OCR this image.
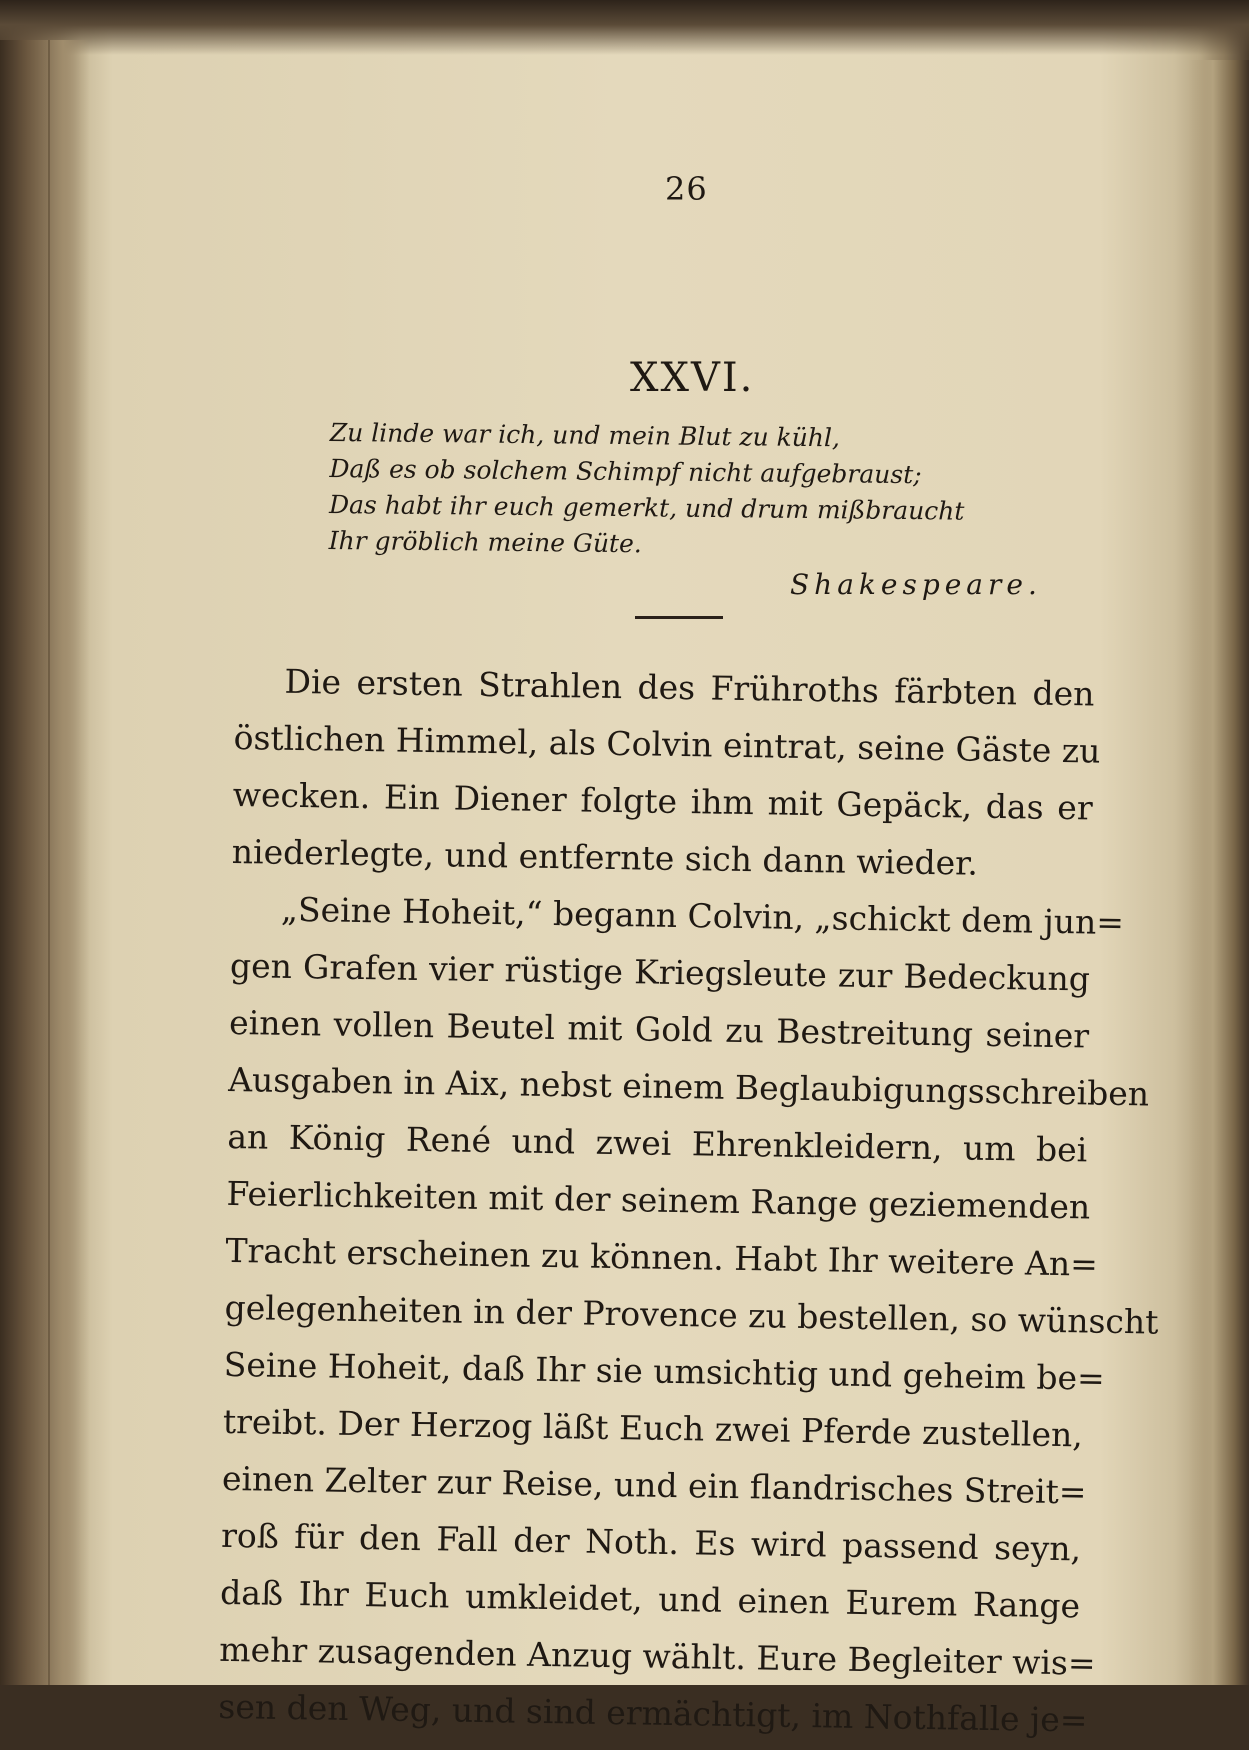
26
XXVI.
Zu linde war ich, und mein Blut zu kühl,
Daß es ob solchem Schimpf nicht aufgebraust;
Das habt ihr euch gemerkt, und drum mißbraucht
Ihr gröblich meine Güte.
Shakespeare.
Die ersten Strahlen des Frühroths färbten den
östlichen Himmel, als Colvin eintrat, seine Gäste zu
wecken. Ein Diener folgte ihm mit Gepäck, das er
niederlegte, und entfernte sich dann wieder.
„Seine Hoheit,“ begann Colvin, „schickt dem jun=
gen Grafen vier rüstige Kriegsleute zur Bedeckung
einen vollen Beutel mit Gold zu Bestreitung seiner
Ausgaben in Aix, nebst einem Beglaubigungsschreiben
an König René und zwei Ehrenkleidern, um bei
Feierlichkeiten mit der seinem Range geziemenden
Tracht erscheinen zu können. Habt Ihr weitere An=
gelegenheiten in der Provence zu bestellen, so wünscht
Seine Hoheit, daß Ihr sie umsichtig und geheim be=
treibt. Der Herzog läßt Euch zwei Pferde zustellen,
einen Zelter zur Reise, und ein flandrisches Streit=
roß für den Fall der Noth. Es wird passend seyn,
daß Ihr Euch umkleidet, und einen Eurem Range
mehr zusagenden Anzug wählt. Eure Begleiter wis=
sen den Weg, und sind ermächtigt, im Nothfalle je=
